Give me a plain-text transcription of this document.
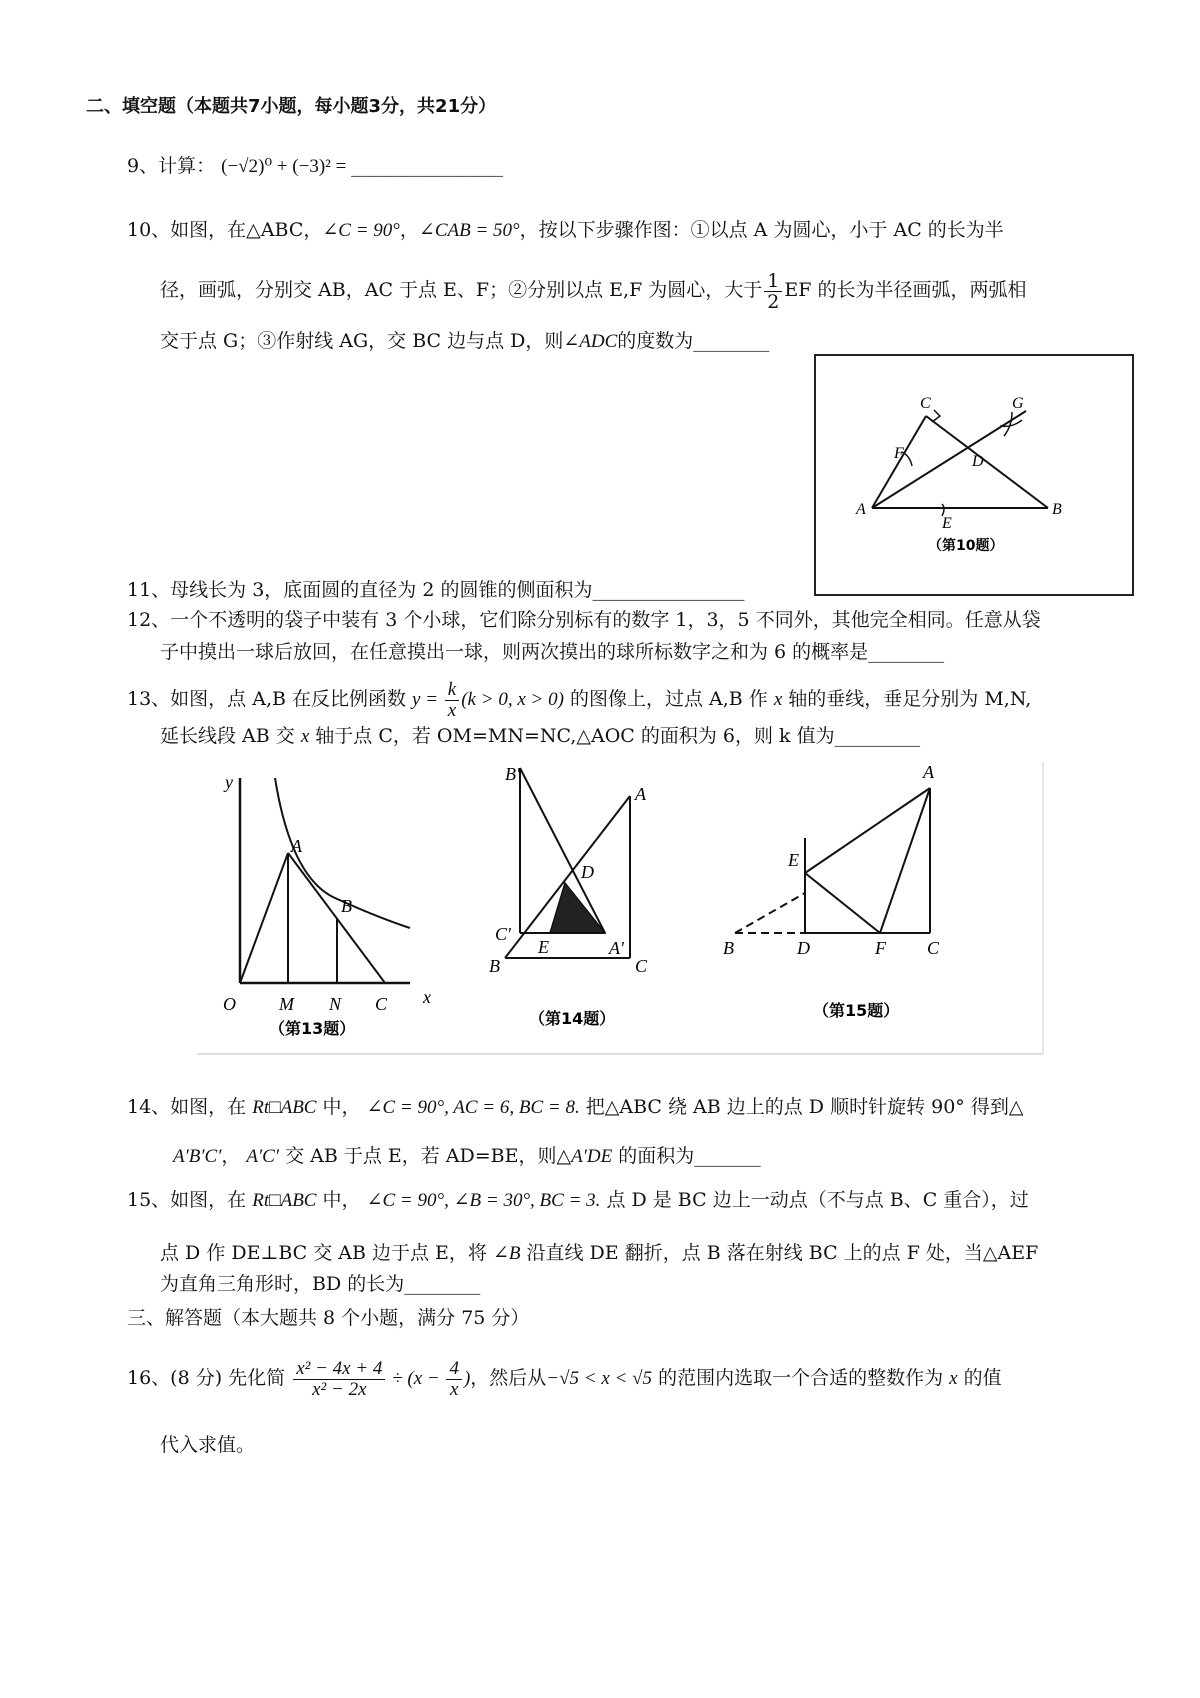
二、填空题（本题共7小题，每小题3分，共21分）
9、计算： (−√2)⁰ + (−3)² = ________________
10、如图，在△ABC，∠C = 90°，∠CAB = 50°，按以下步骤作图：①以点 A 为圆心，小于 AC 的长为半
径，画弧，分别交 AB，AC 于点 E、F；②分别以点 E,F 为圆心，大于 $\frac{1}{2}$ EF 的长为半径画弧，两弧相
交于点 G；③作射线 AG，交 BC 边与点 D，则∠ADC的度数为________
C	G
F	D
A
E
B
（第10题）
11、母线长为 3，底面圆的直径为 2 的圆锥的侧面积为________________
12、一个不透明的袋子中装有 3 个小球，它们除分别标有的数字 1，3，5 不同外，其他完全相同。任意从袋
子中摸出一球后放回，在任意摸出一球，则两次摸出的球所标数字之和为 6 的概率是________
13、如图，点 A,B 在反比例函数 $y = \frac{k}{x} (k > 0$, x > 0) 的图像上，过点 A,B 作 x 轴的垂线，垂足分别为 M,N,
延长线段 AB 交 x 轴于点 C，若 OM=MN=NC,△AOC 的面积为 6，则 k 值为_________
y
A
B
O M N C x
（第13题）
B'
A
D
C'
E	A'
B	C
（第14题）
A
E
B	D	F C
（第15题）
14、如图，在 Rt□ABC 中， ∠C = 90°, AC = 6, BC = 8. 把△ABC 绕 AB 边上的点 D 顺时针旋转 90° 得到△
A′B′C′， A′C′ 交 AB 于点 E，若 AD=BE，则△A′DE 的面积为_______
15、如图，在 Rt□ABC 中， ∠C = 90°, ∠B = 30°, BC = 3. 点 D 是 BC 边上一动点（不与点 B、C 重合），过
点 D 作 DE⊥BC 交 AB 边于点 E，将 ∠B 沿直线 DE 翻折，点 B 落在射线 BC 上的点 F 处，当△AEF
为直角三角形时，BD 的长为________
三、解答题（本大题共 8 个小题，满分 75 分）
16、(8 分) 先化简 $\frac{\text{x² − 4x + 4}}{\text{x² − 2x}} \div (x - \frac{4}{x}$ )，然后从−√5 < x < √5 的范围内选取一个合适的整数作为 x 的值
代入求值。
